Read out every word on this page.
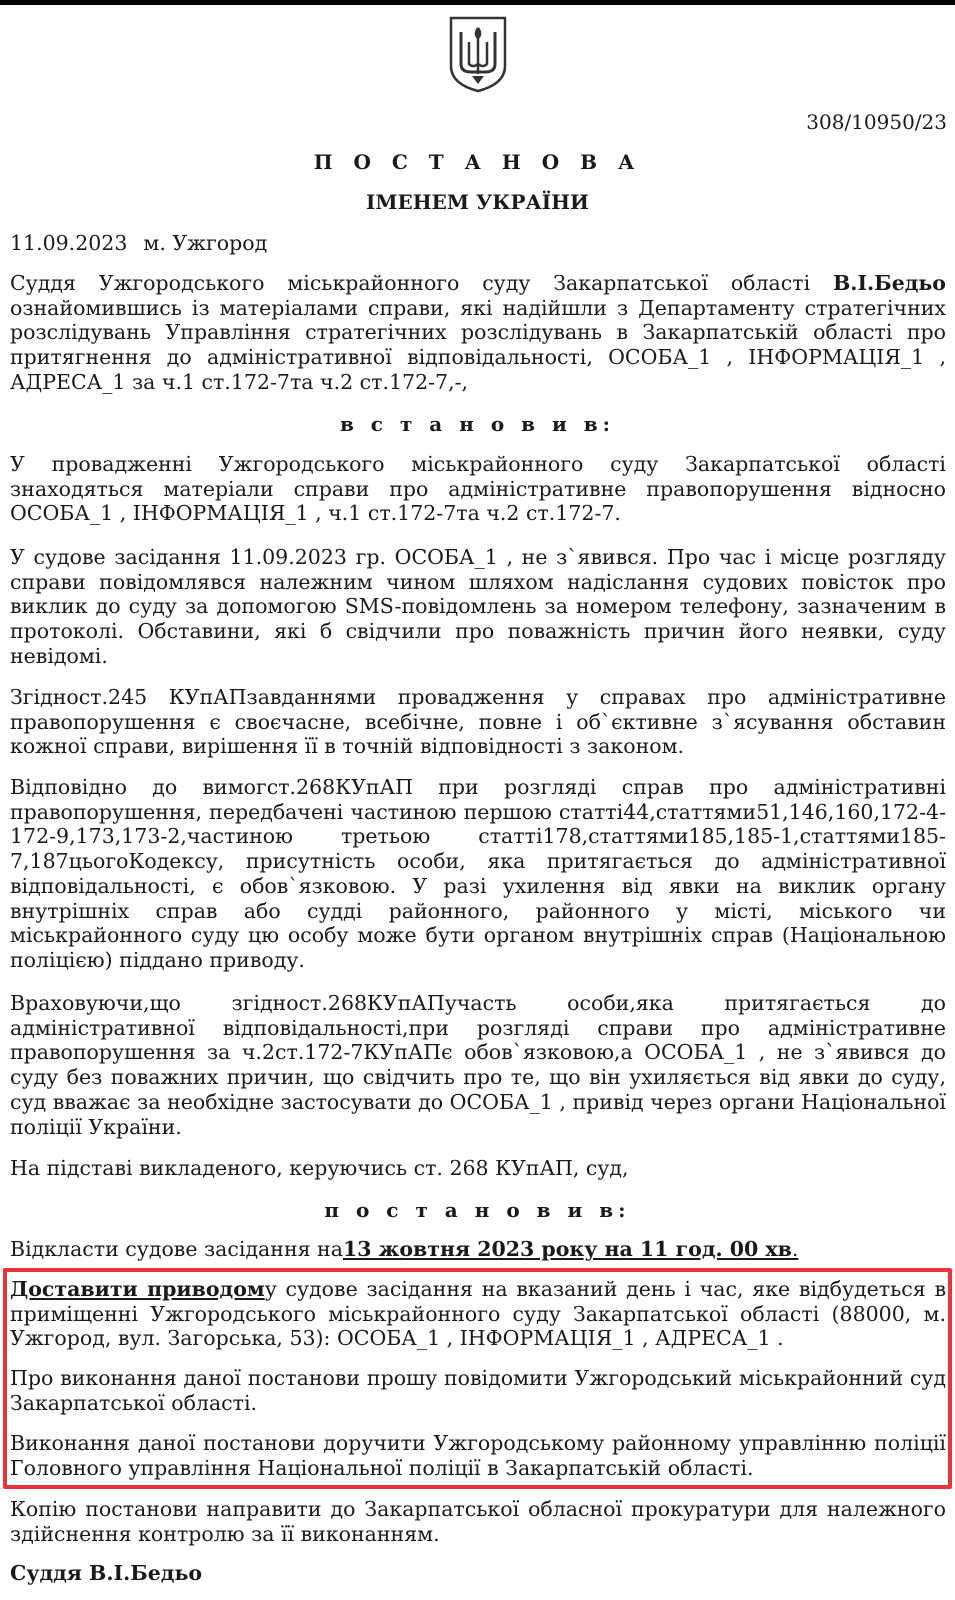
308/10950/23
П О С Т А Н О В А
ІМЕНЕМ УКРАЇНИ
11.09.2023 м. Ужгород
Суддя Ужгородського міськрайонного суду Закарпатської області В.І.Бедьо ознайомившись із матеріалами справи, які надійшли з Департаменту стратегічних розслідувань Управління стратегічних розслідувань в Закарпатській області про притягнення до адміністративної відповідальності, ОСОБА_1 , ІНФОРМАЦІЯ_1 , АДРЕСА_1 за ч.1 ст.172-7та ч.2 ст.172-7,-,
в с т а н о в и в:
У провадженні Ужгородського міськрайонного суду Закарпатської області знаходяться матеріали справи про адміністративне правопорушення відносно ОСОБА_1 , ІНФОРМАЦІЯ_1 , ч.1 ст.172-7та ч.2 ст.172-7.
У судове засідання 11.09.2023 гр. ОСОБА_1 , не з`явився. Про час і місце розгляду справи повідомлявся належним чином шляхом надіслання судових повісток про виклик до суду за допомогою SMS-повідомлень за номером телефону, зазначеним в протоколі. Обставини, які б свідчили про поважність причин його неявки, суду невідомі.
Згіднoст.245 КУпАПзавданнями провадження у справах про адміністративне правопорушення є своєчасне, всебічне, повне і об`єктивне з`ясування обставин кожної справи, вирішення її в точній відповідності з законом.
Відповідно до вимогст.268КУпАП при розгляді справ про адміністративні правопорушення, передбачені частиною першою статті44,статтями51,146,160,172-4-172-9,173,173-2,частиною третьою статті178,статтями185,185-1,статтями185-7,187цьогоКодексу, присутність особи, яка притягається до адміністративної відповідальності, є обов`язковою. У разі ухилення від явки на виклик органу внутрішніх справ або судді районного, районного у місті, міського чи міськрайонного суду цю особу може бути органом внутрішніх справ (Національною поліцією) піддано приводу.
Враховуючи,що згіднoст.268КУпАПучасть особи,яка притягається до адміністративної відповідальності,при розгляді справи про адміністративне правопорушення за ч.2ст.172-7КУпАПє обов`язковою,а ОСОБА_1 , не з`явився до суду без поважних причин, що свідчить про те, що він ухиляється від явки до суду, суд вважає за необхідне застосувати до ОСОБА_1 , привід через органи Національної поліції України.
На підставі викладеного, керуючись ст. 268 КУпАП, суд,
п о с т а н о в и в:
Відкласти судове засідання на13 жовтня 2023 року на 11 год. 00 хв.
Доставити приводому судове засідання на вказаний день і час, яке відбудеться в приміщенні Ужгородського міськрайонного суду Закарпатської області (88000, м. Ужгород, вул. Загорська, 53): ОСОБА_1 , ІНФОРМАЦІЯ_1 , АДРЕСА_1 .
Про виконання даної постанови прошу повідомити Ужгородський міськрайонний суд Закарпатської області.
Виконання даної постанови доручити Ужгородському районному управлінню поліції Головного управління Національної поліції в Закарпатській області.
Копію постанови направити до Закарпатської обласної прокуратури для належного здійснення контролю за її виконанням.
Суддя В.І.Бедьо
